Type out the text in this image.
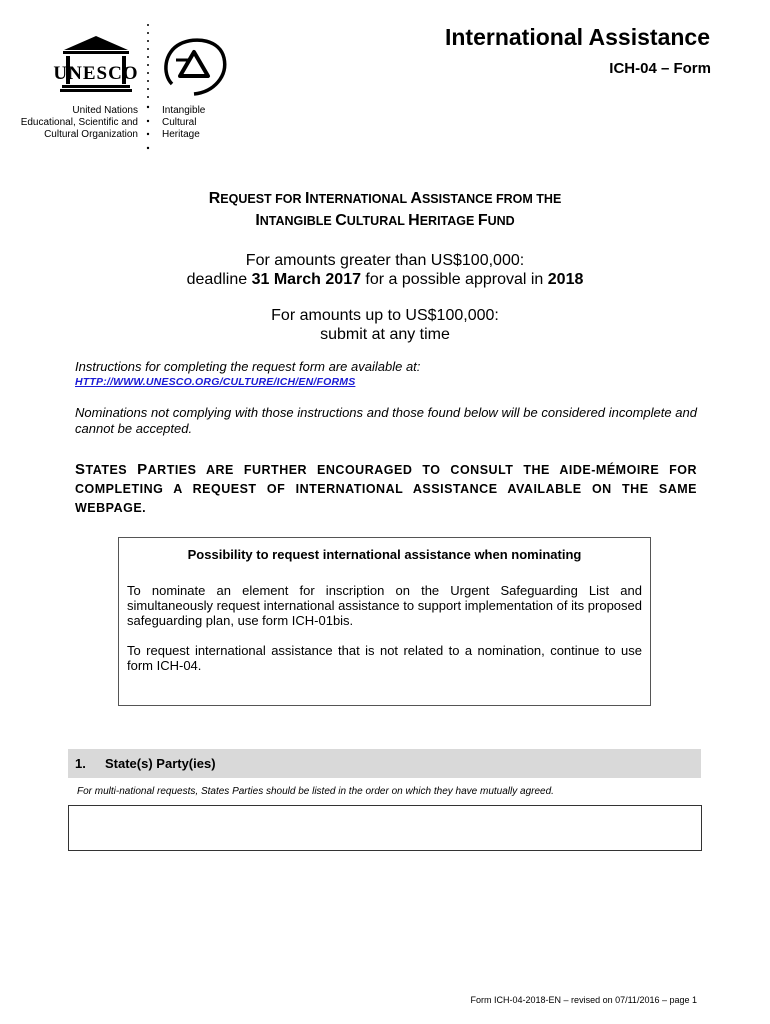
UNESCO
United Nations
Educational, Scientific and
Cultural Organization
Intangible
Cultural
Heritage
International Assistance
ICH-04 – Form
REQUEST FOR INTERNATIONAL ASSISTANCE FROM THE
INTANGIBLE CULTURAL HERITAGE FUND
For amounts greater than US$100,000:
deadline 31 March 2017 for a possible approval in 2018
For amounts up to US$100,000:
submit at any time
Instructions for completing the request form are available at:
HTTP://WWW.UNESCO.ORG/CULTURE/ICH/EN/FORMS
Nominations not complying with those instructions and those found below will be considered incomplete and cannot be accepted.
STATES PARTIES ARE FURTHER ENCOURAGED TO CONSULT THE AIDE-MÉMOIRE FOR COMPLETING A REQUEST OF INTERNATIONAL ASSISTANCE AVAILABLE ON THE SAME WEBPAGE.
Possibility to request international assistance when nominating
To nominate an element for inscription on the Urgent Safeguarding List and simultaneously request international assistance to support implementation of its proposed safeguarding plan, use form ICH-01bis.
To request international assistance that is not related to a nomination, continue to use form ICH-04.
1. State(s) Party(ies)
For multi-national requests, States Parties should be listed in the order on which they have mutually agreed.
Form ICH-04-2018-EN – revised on 07/11/2016 – page 1
